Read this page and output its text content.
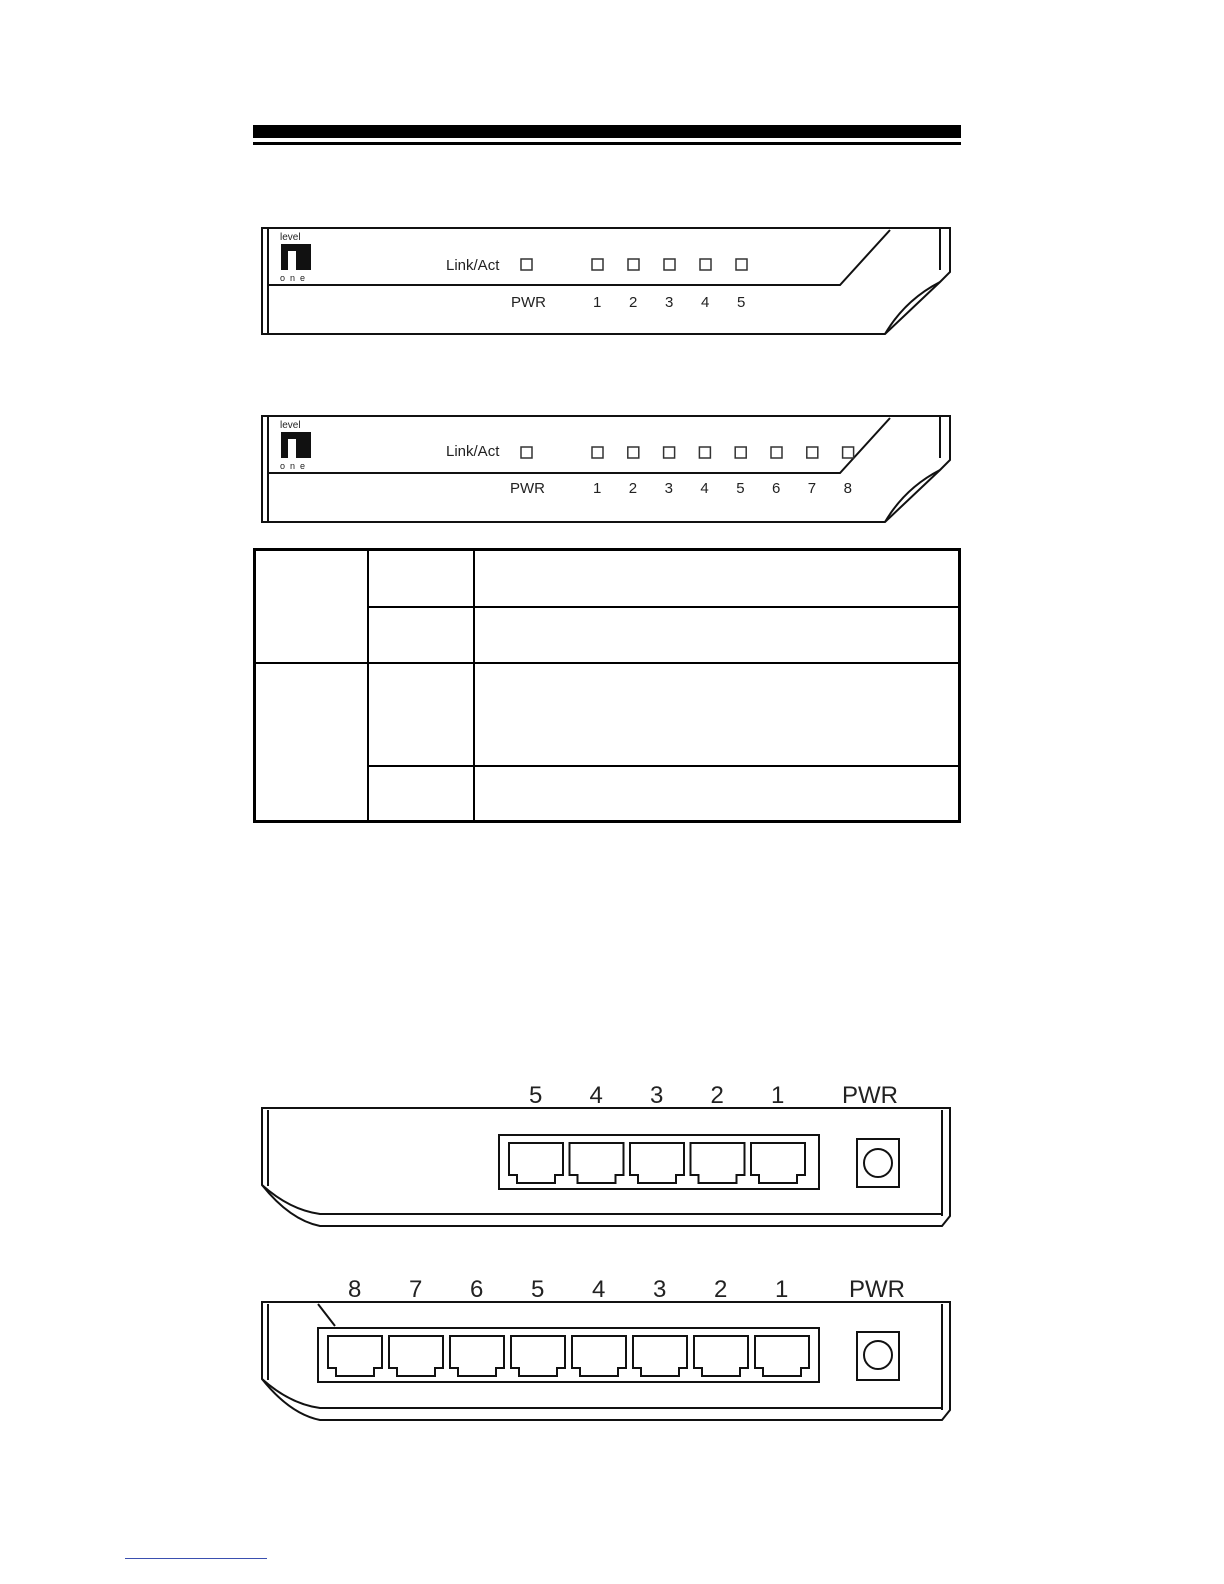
level
one
Link/Act
PWR	1 2 3 4 5
level
one
Link/Act
PWR	1 2 3 4 5 6 7 8

5 4 3 2 1 PWR
8 7 6 5 4 3 2 1	PWR
